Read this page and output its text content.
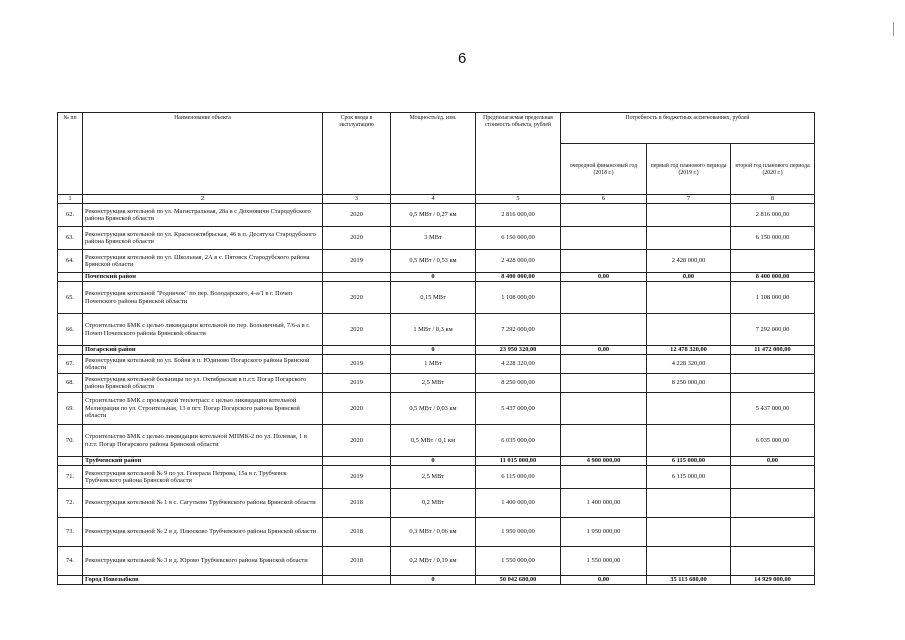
6
№ пп	Наименование объекта	Срок ввода в эксплуатацию	Мощность/ед. изм.	Предполагаемая предельная стоимость объекта, рублей	Потребность в бюджетных ассигнованиях, рублей		
					очередной финансовый год (2018 г.)	первый год планового периода (2019 г.)	второй год планового периода (2020 г.)
1	2	3	4	5	6	7	8
62.	Реконструкция котельной по ул. Магистральная, 28а в с Дохновичи Стародубского района Брянской области	2020	0,5 МВт / 0,27 км	2 816 000,00			2 816 000,00
63.	Реконструкция котельной по ул. Краснооктябрьская, 46 в п. Десятуха Стародубского района Брянской области	2020	3 МВт	6 150 000,00			6 150 000,00
64.	Реконструкция котельной по ул. Школьная, 2А в с. Пятовск Стародубского района Брянской области	2019	0,5 МВт / 0,53 км	2 428 000,00		2 428 000,00	
	Почепский район		0	8 400 000,00	0,00	0,00	8 400 000,00
65.	Реконструкция котельной "Родничок" по пер. Володарского, 4-а/1 в г. Почеп Почепского района Брянской области	2020	0,15 МВт	1 108 000,00			1 108 000,00
66.	Строительство БМК с целью ликвидации котельной по пер. Больничный, 7/6-а в г. Почеп Почепского района Брянской области	2020	1 МВт / 0,3 км	7 292 000,00			7 292 000,00
	Погарский район		0	23 950 320,00	0,00	12 478 320,00	11 472 000,00
67.	Реконструкция котельной по ул. Бойня в п. Юдиново Погарского района Брянской области	2019	1 МВт	4 228 320,00		4 228 320,00	
68.	Реконструкция котельной больницы по ул. Октябрьская в п.г.т. Погар Погарского района Брянской области	2019	2,5 МВт	8 250 000,00		8 250 000,00	
69.	Строительство БМК с прокладкой теплотрасс с целью ликвидации котельной Мелиорация по ул. Строительная, 13 в пгт. Погар Погарского района Брянской области	2020	0,5 МВт / 0,03 км	5 437 000,00			5 437 000,00
70.	Строительство БМК с целью ликвидации котельной МПМК-2 по ул. Полевая, 1 в п.г.т. Погар Погарского района Брянской области	2020	0,5 МВт / 0,1 км	6 035 000,00			6 035 000,00
	Трубчевский район		0	11 015 000,00	4 900 000,00	6 115 000,00	0,00
71.	Реконструкция котельной № 9 по ул. Генерала Петрова, 15а в г. Трубчевск Трубчевского района Брянской области	2019	2,5 МВт	6 115 000,00		6 115 000,00	
72.	Реконструкция котельной № 1 в с. Сагутьево Трубчевского района Брянской области	2018	0,2 МВт	1 400 000,00	1 400 000,00		
73.	Реконструкция котельной № 2 в д. Плюсково Трубчевского района Брянской области	2018	0,3 МВт / 0,06 км	1 950 000,00	1 950 000,00		
74.	Реконструкция котельной № 3 в д. Юрово Трубчевского района Брянской области	2018	0,2 МВт / 0,19 км	1 550 000,00	1 550 000,00		
	Город Новозыбков		0	50 042 680,00	0,00	35 113 680,00	14 929 000,00
